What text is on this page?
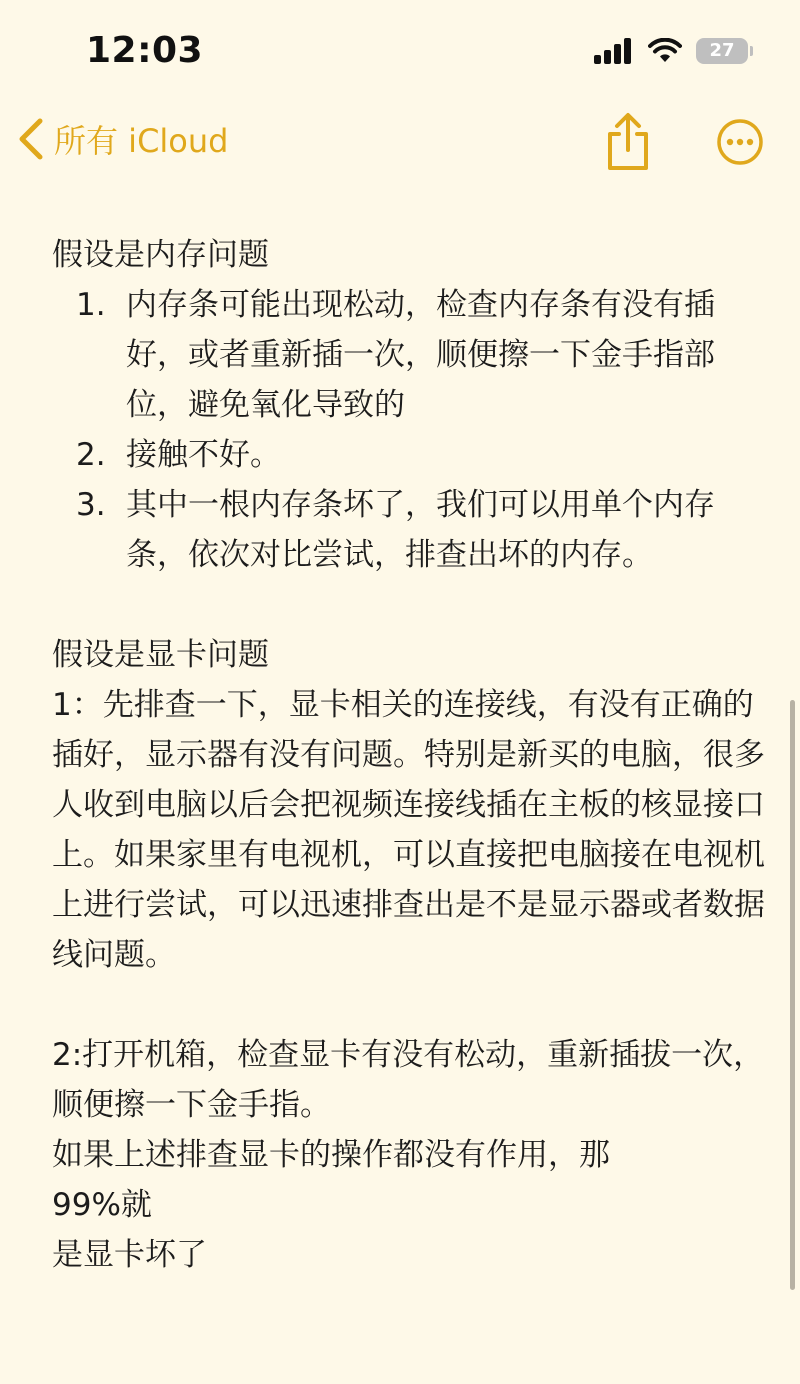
12:03	27
所有 iCloud

假设是内存问题

1. 内存条可能出现松动，检查内存条有没有插好，或者重新插一次，顺便擦一下金手指部位，避免氧化导致的
2. 接触不好。
3. 其中一根内存条坏了，我们可以用单个内存条，依次对比尝试，排查出坏的内存。

假设是显卡问题

1：先排查一下，显卡相关的连接线，有没有正确的插好，显示器有没有问题。特别是新买的电脑，很多人收到电脑以后会把视频连接线插在主板的核显接口上。如果家里有电视机，可以直接把电脑接在电视机上进行尝试，可以迅速排查出是不是显示器或者数据线问题。

2:打开机箱，检查显卡有没有松动，重新插拔一次，顺便擦一下金手指。

如果上述排查显卡的操作都没有作用，那

99%就

是显卡坏了
